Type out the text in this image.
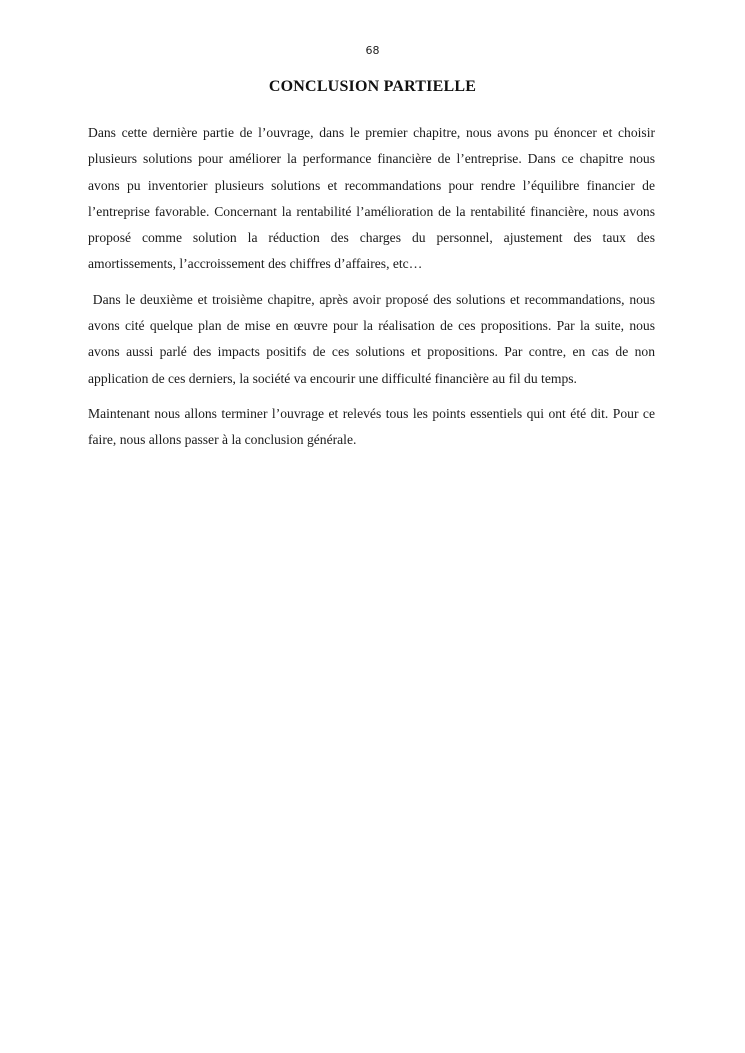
68
CONCLUSION PARTIELLE

Dans cette dernière partie de l’ouvrage, dans le premier chapitre, nous avons pu énoncer et choisir plusieurs solutions pour améliorer la performance financière de l’entreprise. Dans ce chapitre nous avons pu inventorier plusieurs solutions et recommandations pour rendre l’équilibre financier de l’entreprise favorable. Concernant la rentabilité l’amélioration de la rentabilité financière, nous avons proposé comme solution la réduction des charges du personnel, ajustement des taux des amortissements, l’accroissement des chiffres d’affaires, etc…

Dans le deuxième et troisième chapitre, après avoir proposé des solutions et recommandations, nous avons cité quelque plan de mise en œuvre pour la réalisation de ces propositions. Par la suite, nous avons aussi parlé des impacts positifs de ces solutions et propositions. Par contre, en cas de non application de ces derniers, la société va encourir une difficulté financière au fil du temps.

Maintenant nous allons terminer l’ouvrage et relevés tous les points essentiels qui ont été dit. Pour ce faire, nous allons passer à la conclusion générale.
